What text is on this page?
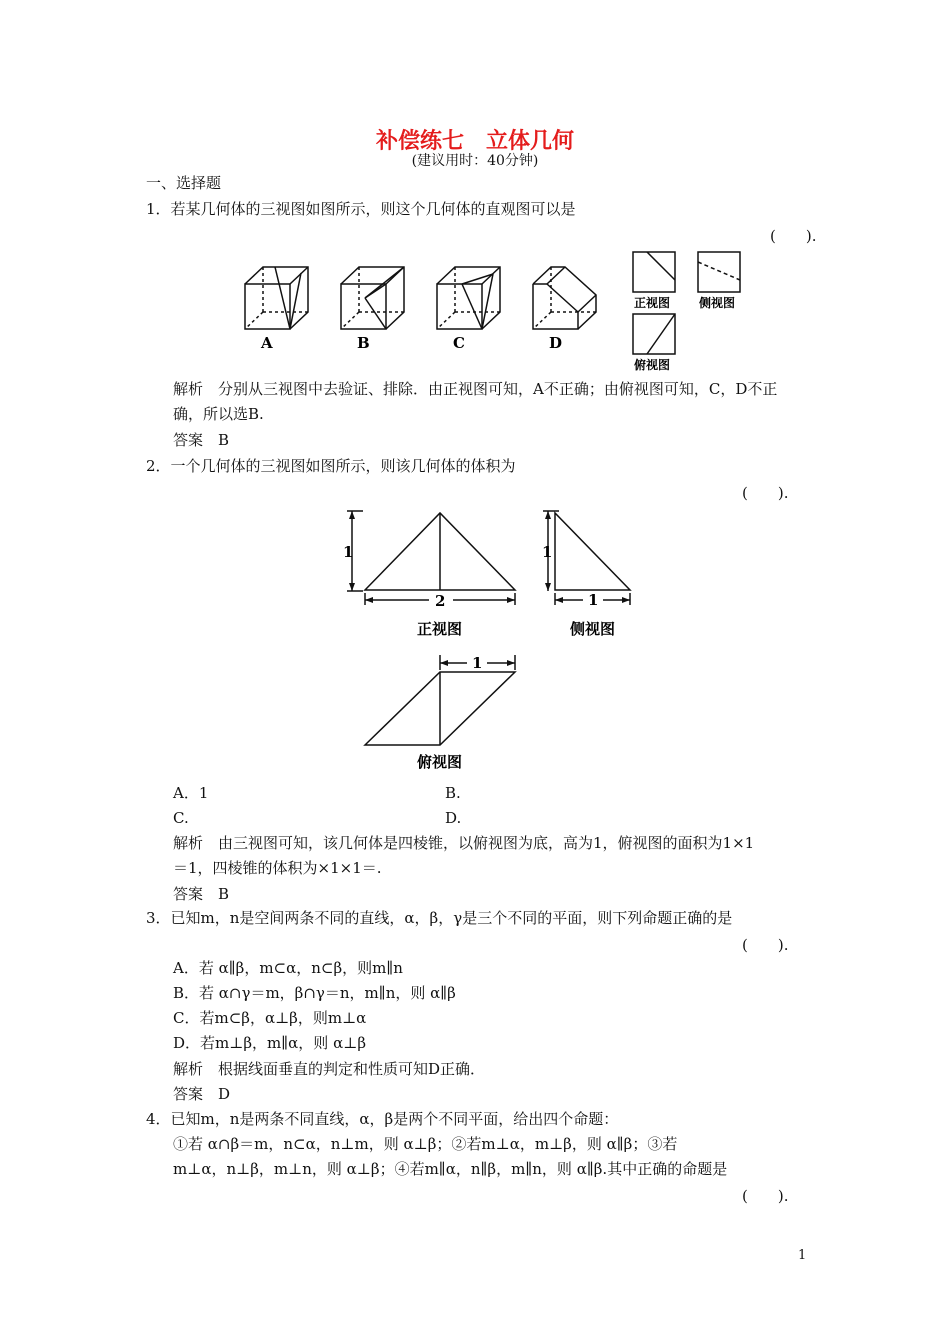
补偿练七　立体几何
(建议用时：40分钟)
一、选择题
1．若某几何体的三视图如图所示，则这个几何体的直观图可以是
(　　).
A	B	C	D
正视图 侧视图
俯视图
解析　分别从三视图中去验证、排除．由正视图可知，A不正确；由俯视图可知，C，D不正
确，所以选B.
答案　B
2．一个几何体的三视图如图所示，则该几何体的体积为
(　　).
1
2
1
1
1
正视图	侧视图
俯视图
A．1	B.
C.	D.
解析　由三视图可知，该几何体是四棱锥，以俯视图为底，高为1，俯视图的面积为1×1
＝1，四棱锥的体积为×1×1＝.
答案　B
3．已知m，n是空间两条不同的直线，α，β，γ是三个不同的平面，则下列命题正确的是
(　　).
A．若 α∥β，m⊂α，n⊂β，则m∥n
B．若 α∩γ＝m，β∩γ＝n，m∥n，则 α∥β
C．若m⊂β，α⊥β，则m⊥α
D．若m⊥β，m∥α，则 α⊥β
解析　根据线面垂直的判定和性质可知D正确．
答案　D
4．已知m，n是两条不同直线，α，β是两个不同平面，给出四个命题：
①若 α∩β＝m，n⊂α，n⊥m，则 α⊥β；②若m⊥α，m⊥β，则 α∥β；③若
m⊥α，n⊥β，m⊥n，则 α⊥β；④若m∥α，n∥β，m∥n，则 α∥β.其中正确的命题是
(　　).
1
